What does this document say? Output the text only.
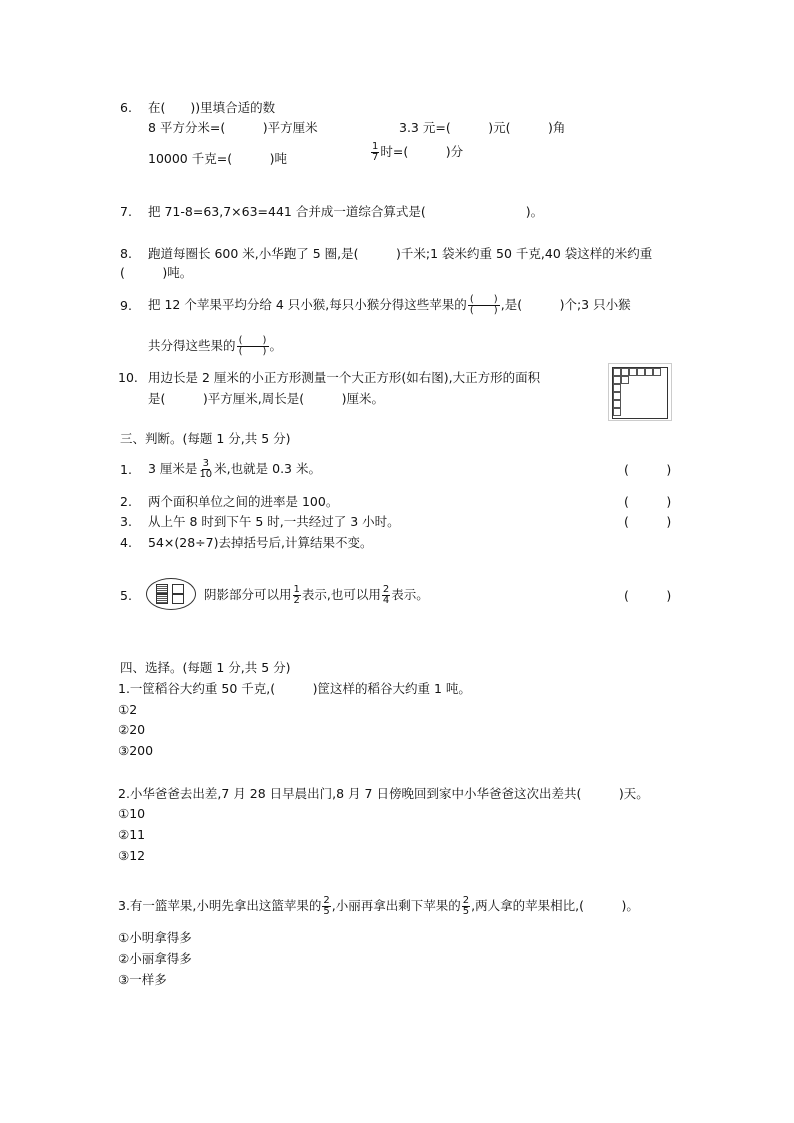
6. 在(　　))里填合适的数
8 平方分米=(　　　)平方厘米	3.3 元=(　　　)元(　　　)角
10000 千克=(　　　)吨	$\frac{1}{7}$ 时=(　　　)分
7. 把 71-8=63,7×63=441 合并成一道综合算式是(　　　　　　　　)。
8. 跑道每圈长 600 米,小华跑了 5 圈,是(　　　)千米;1 袋米约重 50 千克,40 袋这样的米约重
(　　　)吨。
9. 把 12 个苹果平均分给 4 只小猴,每只小猴分得这些苹果的 $\frac{( )}{( )}$ ,是(　　　)个;3 只小猴
共分得这些果的 $\frac{( )}{( )}$ 。
10. 用边长是 2 厘米的小正方形测量一个大正方形(如右图),大正方形的面积
是(　　　)平方厘米,周长是(　　　)厘米。
三、判断。(每题 1 分,共 5 分)
1. 3 厘米是 $\frac{3}{10}$ 米,也就是 0.3 米。	(　　　)
2. 两个面积单位之间的进率是 100。	(　　　)
3. 从上午 8 时到下午 5 时,一共经过了 3 小时。	(　　　)
4. 54×(28÷7)去掉括号后,计算结果不变。
5.	阴影部分可以用 $\frac{1}{2}$ 表示,也可以用 $\frac{2}{4}$ 表示。	(　　　)
四、选择。(每题 1 分,共 5 分)
1.一筐稻谷大约重 50 千克,(　　　)筐这样的稻谷大约重 1 吨。
①2
②20
③200
2.小华爸爸去出差,7 月 28 日早晨出门,8 月 7 日傍晚回到家中小华爸爸这次出差共(　　　)天。
①10
②11
③12
3.有一篮苹果,小明先拿出这篮苹果的 $\frac{2}{5}$ ,小丽再拿出剩下苹果的 $\frac{2}{5}$ ,两人拿的苹果相比,(　　　)。
①小明拿得多
②小丽拿得多
③一样多
